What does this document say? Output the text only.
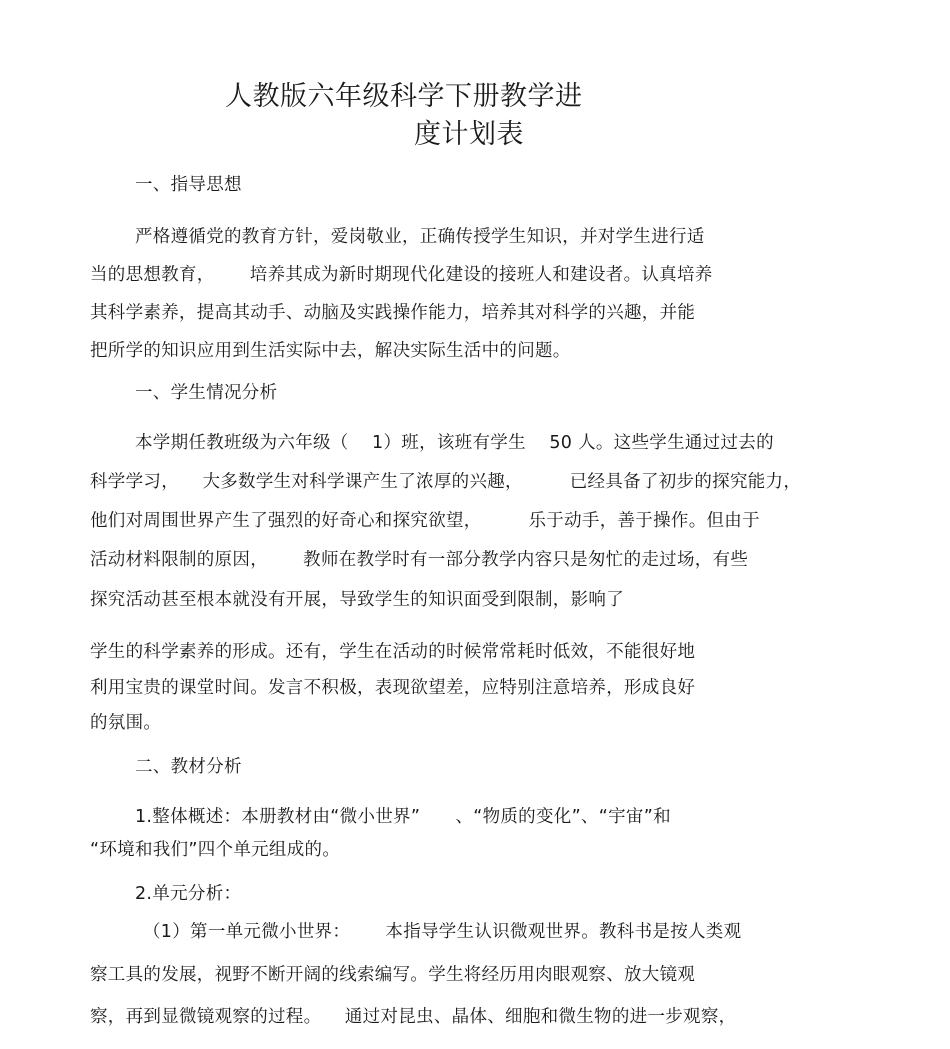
人教版六年级科学下册教学进
度计划表
一、指导思想
严格遵循党的教育方针，爱岗敬业，正确传授学生知识，并对学生进行适
当的思想教育，      培养其成为新时期现代化建设的接班人和建设者。认真培养
其科学素养，提高其动手、动脑及实践操作能力，培养其对科学的兴趣，并能
把所学的知识应用到生活实际中去，解决实际生活中的问题。
一、学生情况分析
本学期任教班级为六年级（    1）班，该班有学生    50 人。这些学生通过过去的
科学学习，    大多数学生对科学课产生了浓厚的兴趣，        已经具备了初步的探究能力，
他们对周围世界产生了强烈的好奇心和探究欲望，        乐于动手，善于操作。但由于
活动材料限制的原因，      教师在教学时有一部分教学内容只是匆忙的走过场，有些
探究活动甚至根本就没有开展，导致学生的知识面受到限制，影响了
学生的科学素养的形成。还有，学生在活动的时候常常耗时低效，不能很好地
利用宝贵的课堂时间。发言不积极，表现欲望差，应特别注意培养，形成良好
的氛围。
二、教材分析
1.整体概述：本册教材由“微小世界”      、“物质的变化”、“宇宙”和
“环境和我们”四个单元组成的。
2.单元分析：
（1）第一单元微小世界：      本指导学生认识微观世界。教科书是按人类观
察工具的发展，视野不断开阔的线索编写。学生将经历用肉眼观察、放大镜观
察，再到显微镜观察的过程。    通过对昆虫、晶体、细胞和微生物的进一步观察，
